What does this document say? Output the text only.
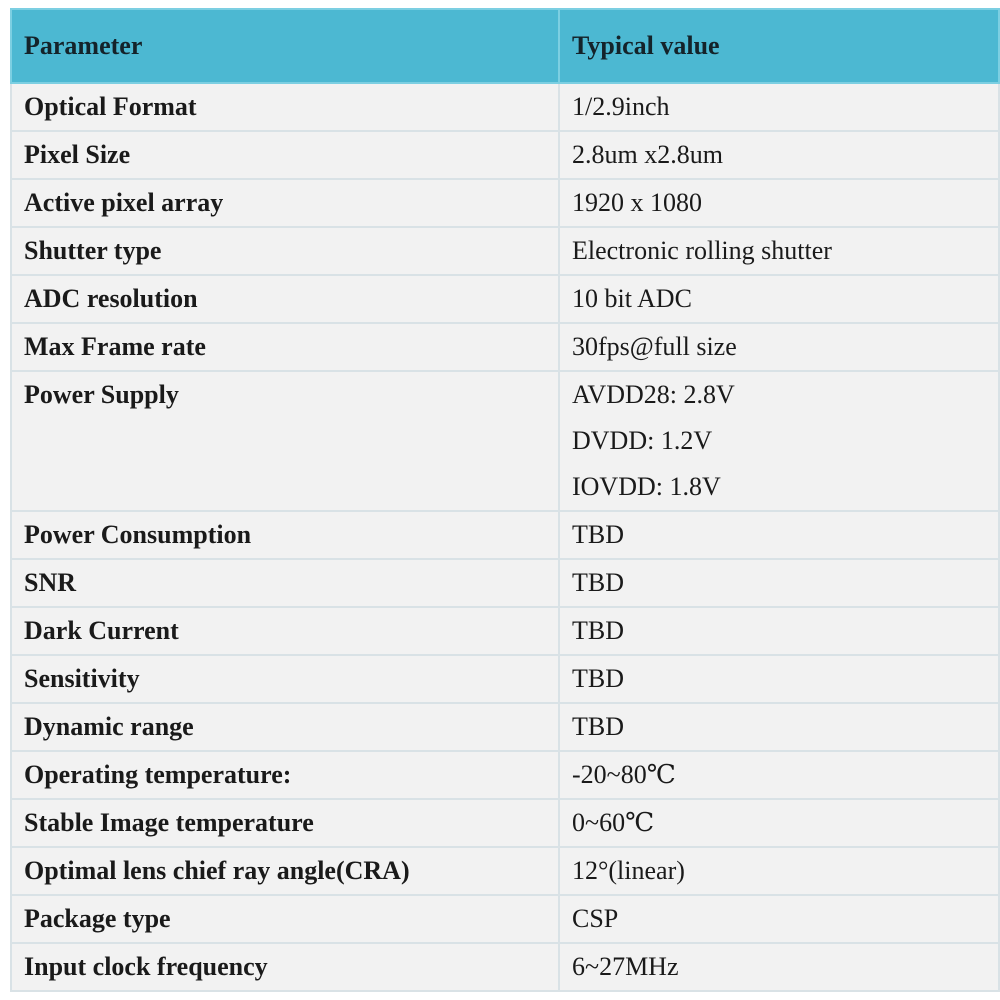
Parameter	Typical value
Optical Format	1/2.9inch
Pixel Size	2.8um x2.8um
Active pixel array	1920 x 1080
Shutter type	Electronic rolling shutter
ADC resolution	10 bit ADC
Max Frame rate	30fps@full size
Power Supply	AVDD28: 2.8V
DVDD: 1.2V
IOVDD: 1.8V

Power Consumption	TBD
SNR	TBD
Dark Current	TBD
Sensitivity	TBD
Dynamic range	TBD
Operating temperature:	-20~80℃
Stable Image temperature	0~60℃
Optimal lens chief ray angle(CRA)	12°(linear)
Package type	CSP
Input clock frequency	6~27MHz
